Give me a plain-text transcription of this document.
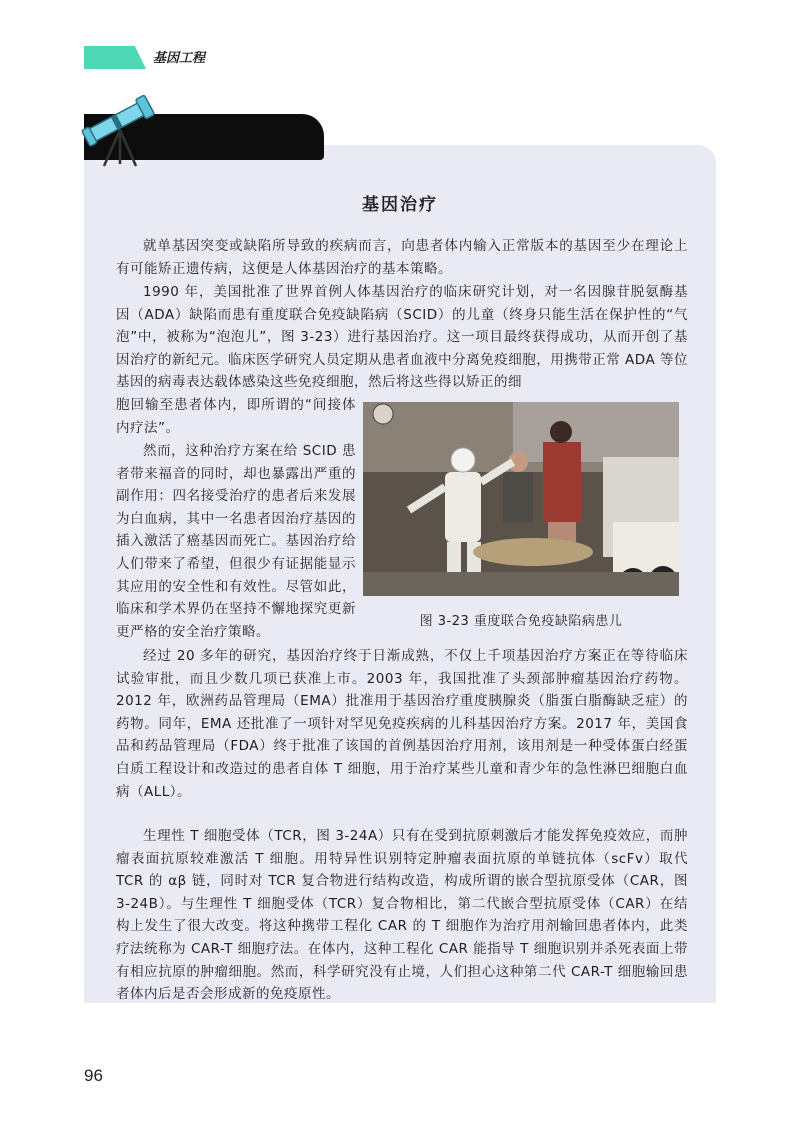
基因工程
基因治疗

就单基因突变或缺陷所导致的疾病而言，向患者体内输入正常版本的基因至少在理论上有可能矫正遗传病，这便是人体基因治疗的基本策略。

1990 年，美国批准了世界首例人体基因治疗的临床研究计划，对一名因腺苷脱氨酶基因（ADA）缺陷而患有重度联合免疫缺陷病（SCID）的儿童（终身只能生活在保护性的“气泡”中，被称为“泡泡儿”，图 3-23）进行基因治疗。这一项目最终获得成功，从而开创了基因治疗的新纪元。临床医学研究人员定期从患者血液中分离免疫细胞，用携带正常 ADA 等位基因的病毒表达载体感染这些免疫细胞，然后将这些得以矫正的细

胞回输至患者体内，即所谓的“间接体内疗法”。

然而，这种治疗方案在给 SCID 患者带来福音的同时，却也暴露出严重的副作用：四名接受治疗的患者后来发展为白血病，其中一名患者因治疗基因的插入激活了癌基因而死亡。基因治疗给人们带来了希望，但很少有证据能显示其应用的安全性和有效性。尽管如此，临床和学术界仍在坚持不懈地探究更新更严格的安全治疗策略。

图 3-23 重度联合免疫缺陷病患儿

经过 20 多年的研究，基因治疗终于日渐成熟，不仅上千项基因治疗方案正在等待临床试验审批，而且少数几项已获准上市。2003 年，我国批准了头颈部肿瘤基因治疗药物。2012 年，欧洲药品管理局（EMA）批准用于基因治疗重度胰腺炎（脂蛋白脂酶缺乏症）的药物。同年，EMA 还批准了一项针对罕见免疫疾病的儿科基因治疗方案。2017 年，美国食品和药品管理局（FDA）终于批准了该国的首例基因治疗用剂，该用剂是一种受体蛋白经蛋白质工程设计和改造过的患者自体 T 细胞，用于治疗某些儿童和青少年的急性淋巴细胞白血病（ALL）。

生理性 T 细胞受体（TCR，图 3-24A）只有在受到抗原刺激后才能发挥免疫效应，而肿瘤表面抗原较难激活 T 细胞。用特异性识别特定肿瘤表面抗原的单链抗体（scFv）取代 TCR 的 αβ 链，同时对 TCR 复合物进行结构改造，构成所谓的嵌合型抗原受体（CAR，图 3-24B）。与生理性 T 细胞受体（TCR）复合物相比，第二代嵌合型抗原受体（CAR）在结构上发生了很大改变。将这种携带工程化 CAR 的 T 细胞作为治疗用剂输回患者体内，此类疗法统称为 CAR-T 细胞疗法。在体内，这种工程化 CAR 能指导 T 细胞识别并杀死表面上带有相应抗原的肿瘤细胞。然而，科学研究没有止境，人们担心这种第二代 CAR-T 细胞输回患者体内后是否会形成新的免疫原性。

96
